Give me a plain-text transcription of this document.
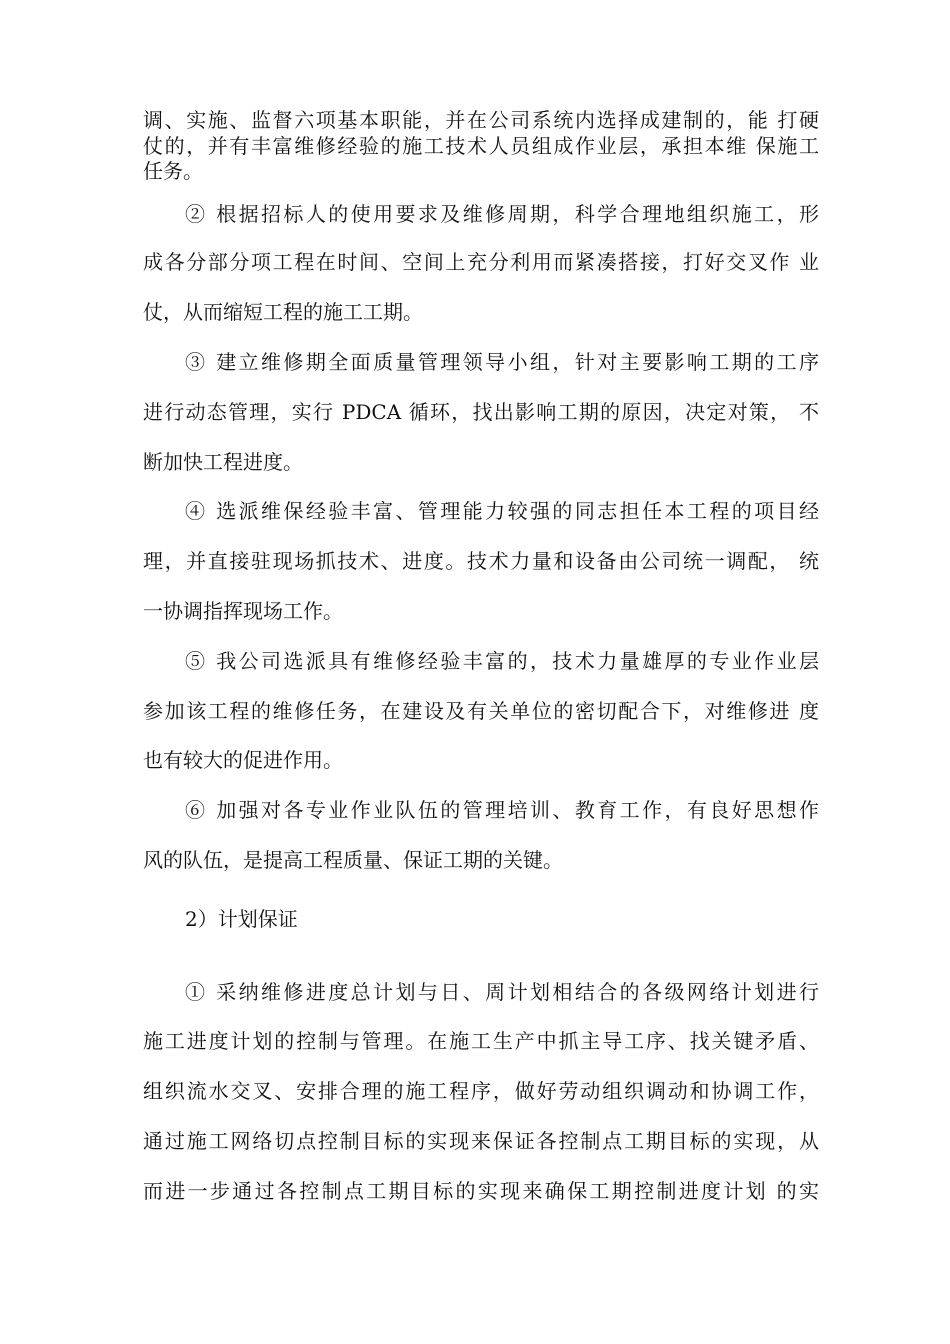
调、实施、监督六项基本职能，并在公司系统内选择成建制的，能 打硬
仗的，并有丰富维修经验的施工技术人员组成作业层，承担本维 保施工
任务。
② 根据招标人的使用要求及维修周期，科学合理地组织施工，形
成各分部分项工程在时间、空间上充分利用而紧凑搭接，打好交叉作 业
仗，从而缩短工程的施工工期。
③ 建立维修期全面质量管理领导小组，针对主要影响工期的工序
进行动态管理，实行 PDCA 循环，找出影响工期的原因，决定对策， 不
断加快工程进度。
④ 选派维保经验丰富、管理能力较强的同志担任本工程的项目经
理，并直接驻现场抓技术、进度。技术力量和设备由公司统一调配， 统
一协调指挥现场工作。
⑤ 我公司选派具有维修经验丰富的，技术力量雄厚的专业作业层
参加该工程的维修任务，在建设及有关单位的密切配合下，对维修进 度
也有较大的促进作用。
⑥ 加强对各专业作业队伍的管理培训、教育工作，有良好思想作
风的队伍，是提高工程质量、保证工期的关键。
2）计划保证
① 采纳维修进度总计划与日、周计划相结合的各级网络计划进行
施工进度计划的控制与管理。在施工生产中抓主导工序、找关键矛盾、
组织流水交叉、安排合理的施工程序，做好劳动组织调动和协调工作，
通过施工网络切点控制目标的实现来保证各控制点工期目标的实现，从
而进一步通过各控制点工期目标的实现来确保工期控制进度计划 的实
